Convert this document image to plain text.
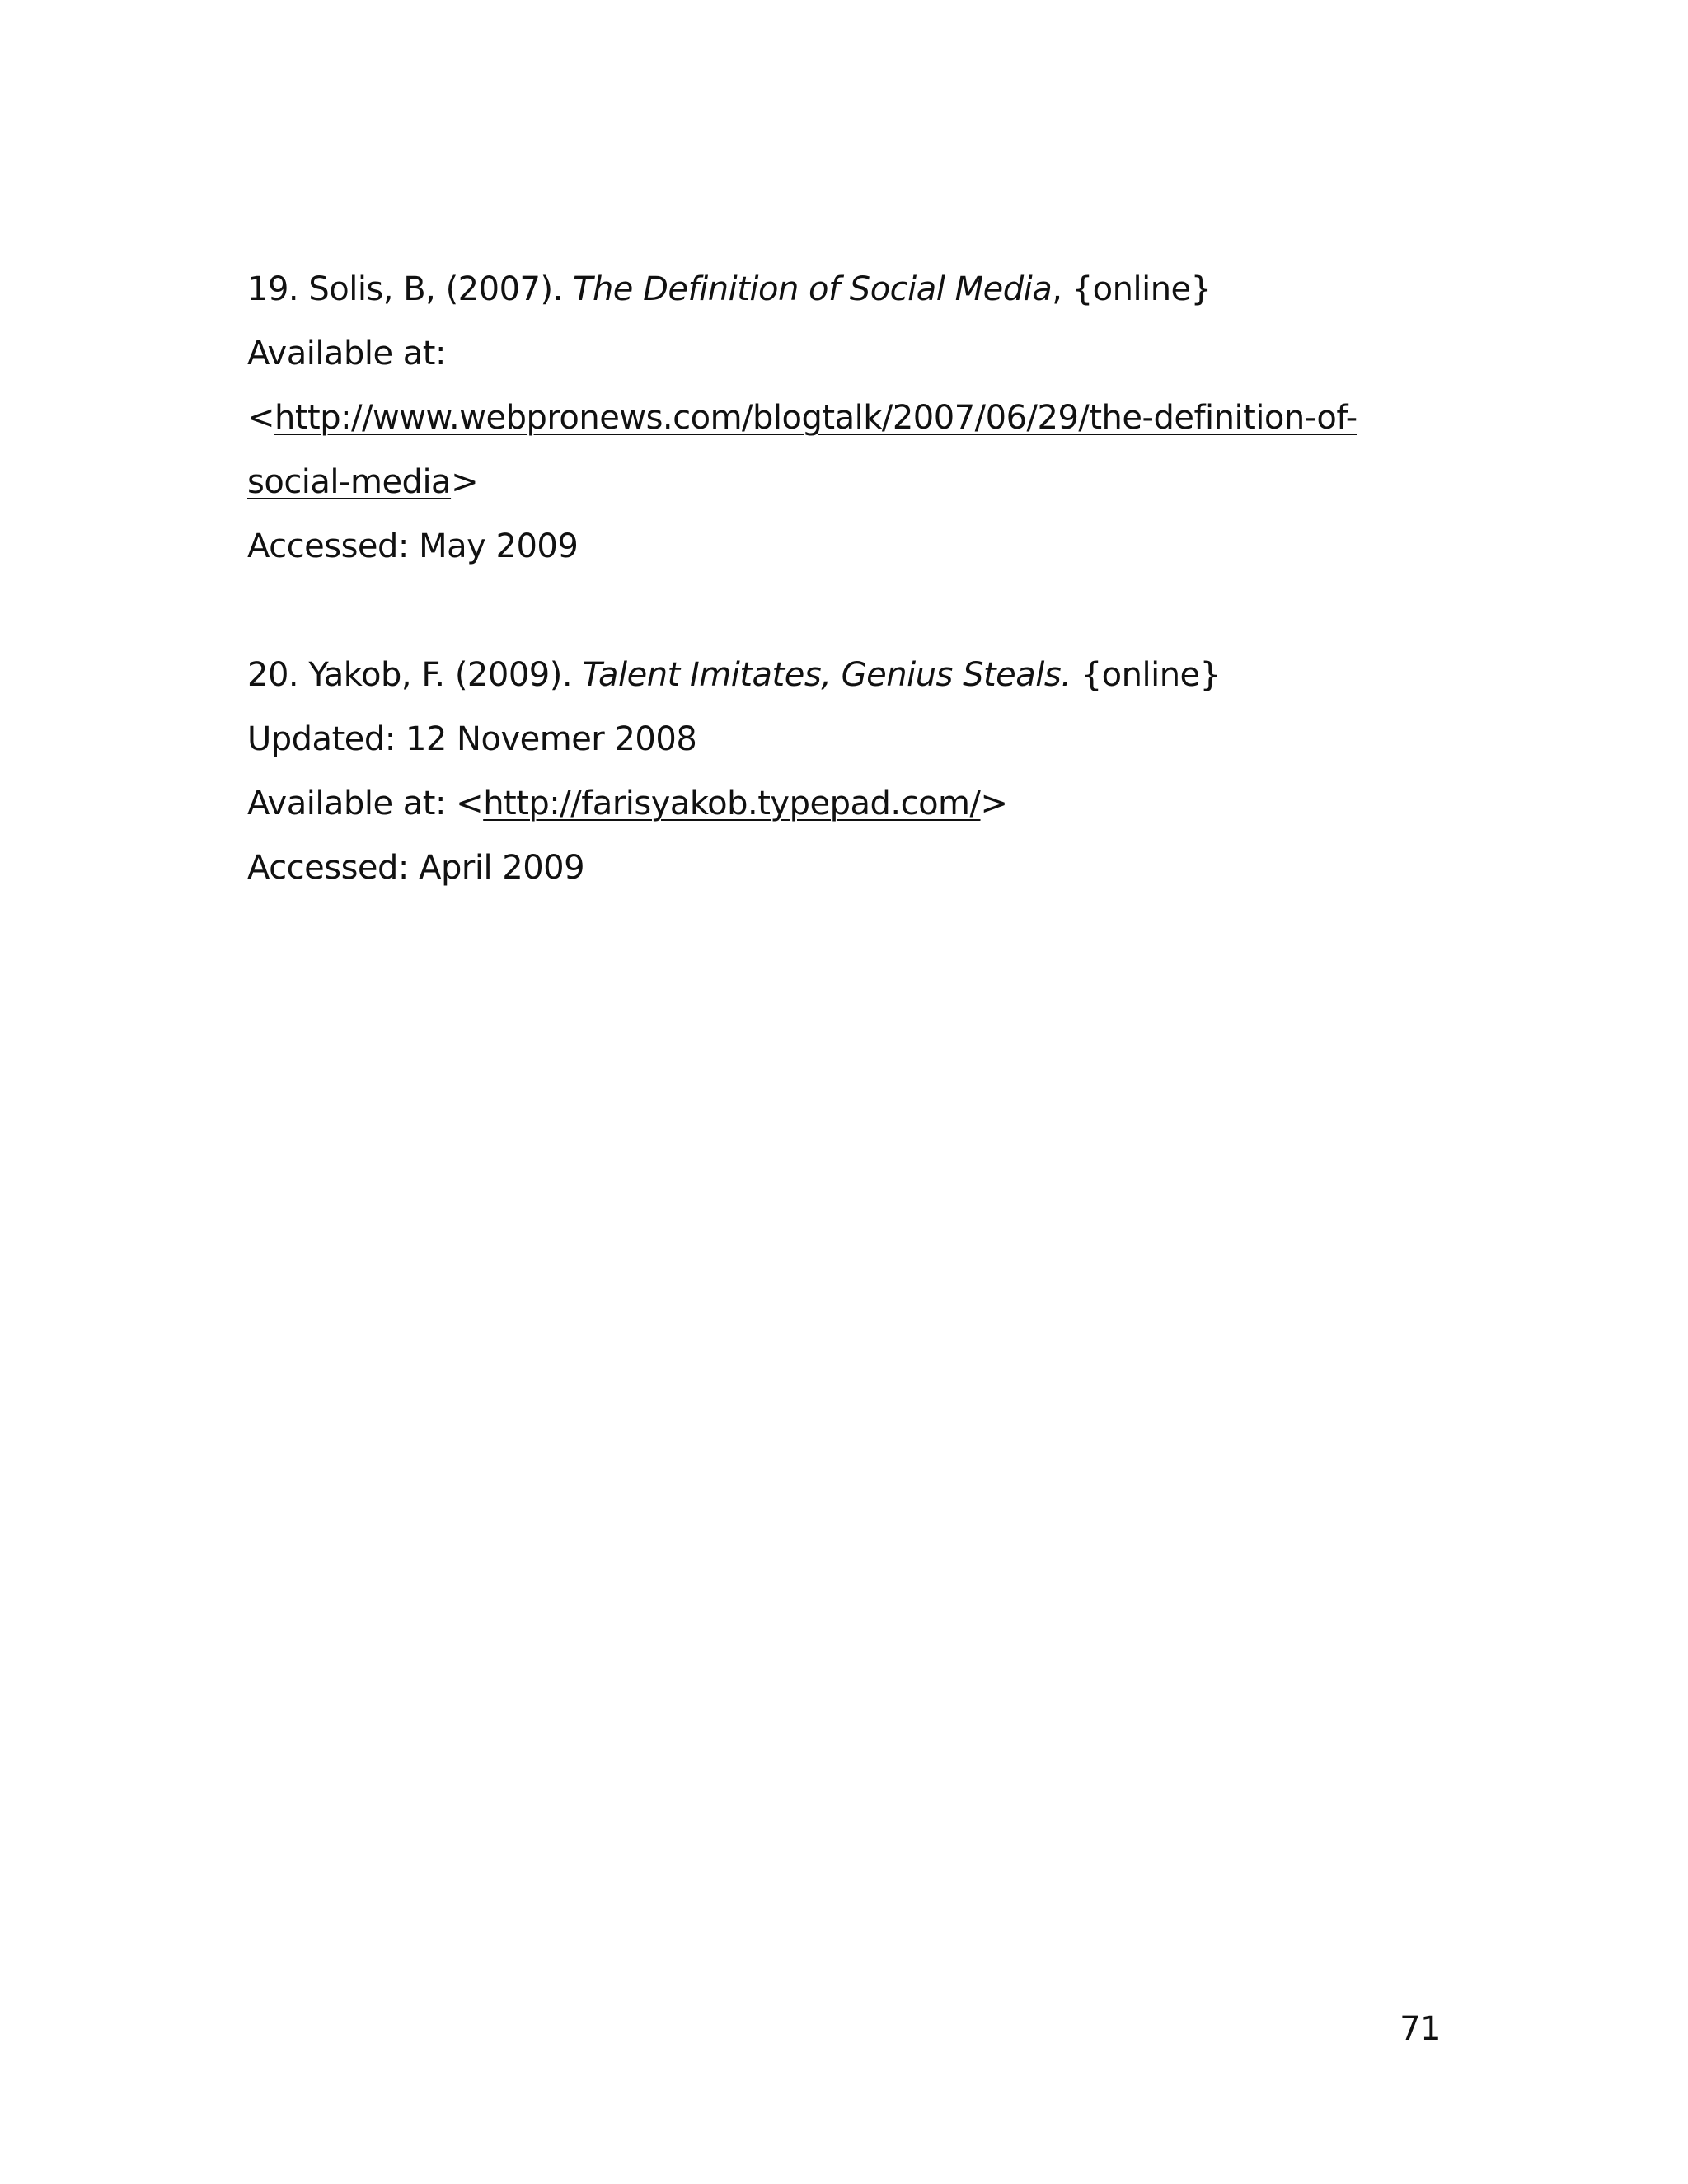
19. Solis, B, (2007). The Definition of Social Media, {online}
Available at:
<http://www.webpronews.com/blogtalk/2007/06/29/the-definition-of-
social-media>
Accessed: May 2009
20. Yakob, F. (2009). Talent Imitates, Genius Steals. {online}
Updated: 12 Novemer 2008
Available at: <http://farisyakob.typepad.com/>
Accessed: April 2009
71
